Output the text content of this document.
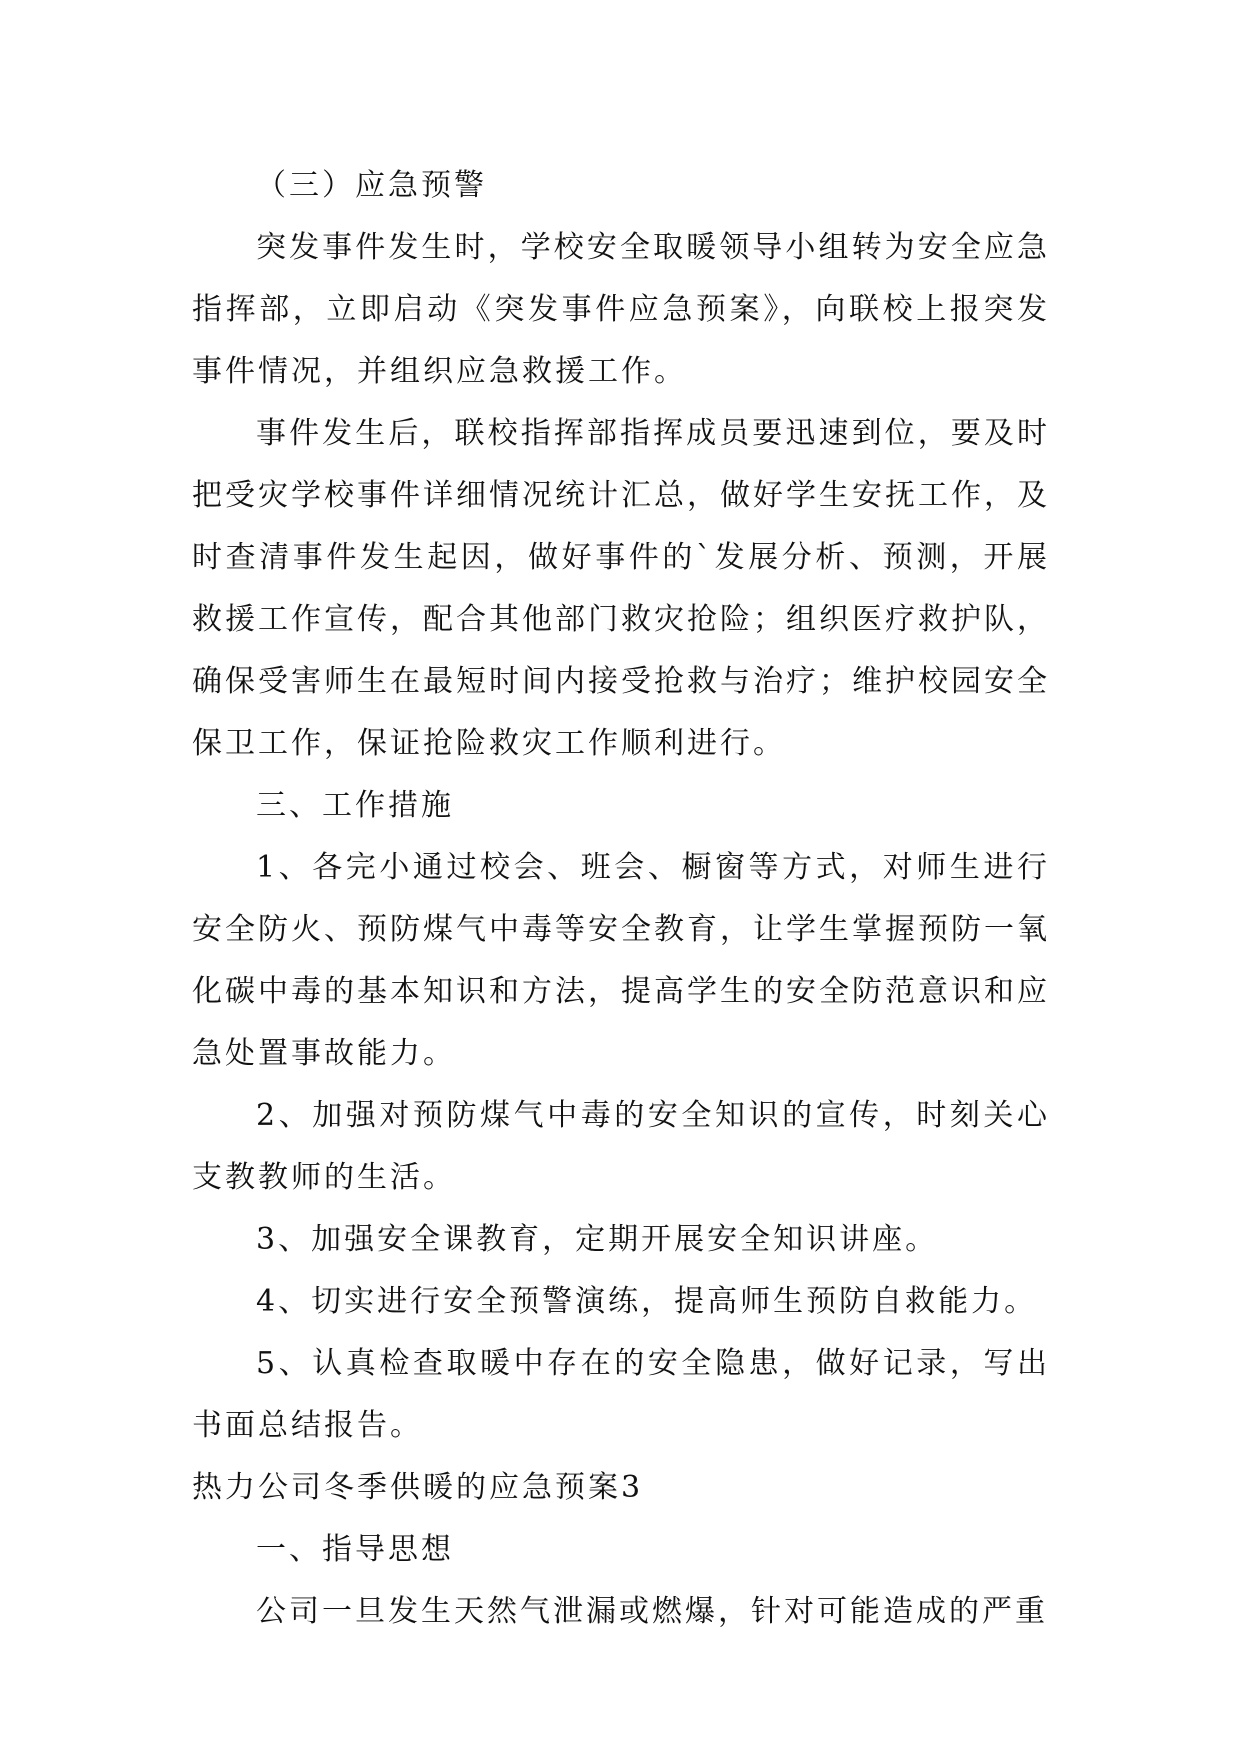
（三）应急预警

突发事件发生时，学校安全取暖领导小组转为安全应急指挥部，立即启动《突发事件应急预案》，向联校上报突发事件情况，并组织应急救援工作。

事件发生后，联校指挥部指挥成员要迅速到位，要及时把受灾学校事件详细情况统计汇总，做好学生安抚工作，及时查清事件发生起因，做好事件的`发展分析、预测，开展救援工作宣传，配合其他部门救灾抢险；组织医疗救护队，确保受害师生在最短时间内接受抢救与治疗；维护校园安全保卫工作，保证抢险救灾工作顺利进行。

三、工作措施

1、各完小通过校会、班会、橱窗等方式，对师生进行安全防火、预防煤气中毒等安全教育，让学生掌握预防一氧化碳中毒的基本知识和方法，提高学生的安全防范意识和应急处置事故能力。

2、加强对预防煤气中毒的安全知识的宣传，时刻关心支教教师的生活。

3、加强安全课教育，定期开展安全知识讲座。

4、切实进行安全预警演练，提高师生预防自救能力。

5、认真检查取暖中存在的安全隐患，做好记录，写出书面总结报告。

热力公司冬季供暖的应急预案3

一、指导思想

公司一旦发生天然气泄漏或燃爆，针对可能造成的严重
